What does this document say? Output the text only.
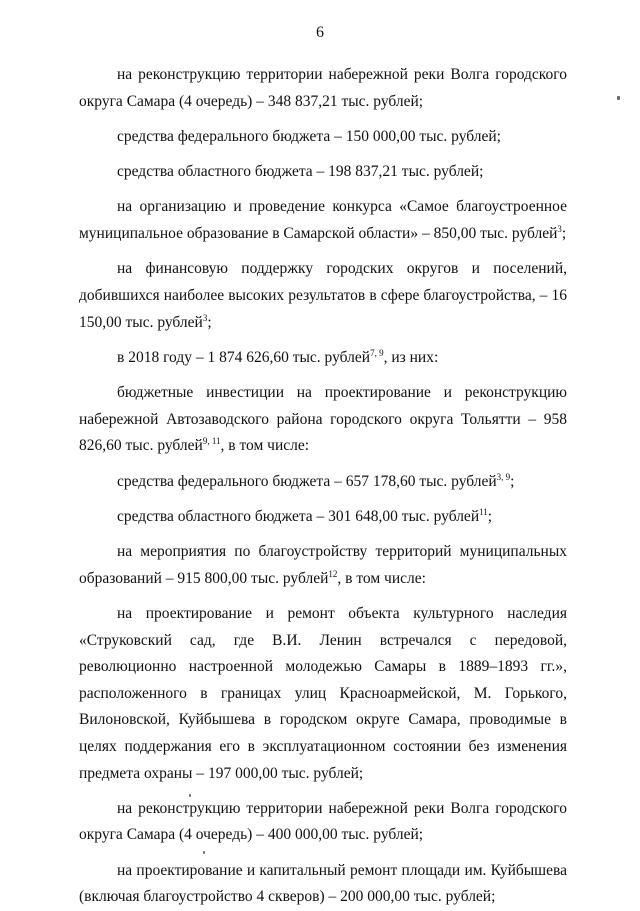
6

на реконструкцию территории набережной реки Волга городского округа Самара (4 очередь) – 348 837,21 тыс. рублей;

средства федерального бюджета – 150 000,00 тыс. рублей;

средства областного бюджета – 198 837,21 тыс. рублей;

на организацию и проведение конкурса «Самое благоустроенное муниципальное образование в Самарской области» – 850,00 тыс. рублей$^3$;

на финансовую поддержку городских округов и поселений, добившихся наиболее высоких результатов в сфере благоустройства, – 16 150,00 тыс. рублей$^3$;

в 2018 году – 1 874 626,60 тыс. рублей$^{7, 9}$, из них:

бюджетные инвестиции на проектирование и реконструкцию набережной Автозаводского района городского округа Тольятти – 958 826,60 тыс. рублей$^{9, 11}$, в том числе:

средства федерального бюджета – 657 178,60 тыс. рублей$^{3, 9}$;

средства областного бюджета – 301 648,00 тыс. рублей$^{11}$;

на мероприятия по благоустройству территорий муниципальных образований – 915 800,00 тыс. рублей$^{12}$, в том числе:

на проектирование и ремонт объекта культурного наследия «Струковский сад, где В.И. Ленин встречался с передовой, революционно настроенной молодежью Самары в 1889–1893 гг.», расположенного в границах улиц Красноармейской, М. Горького, Вилоновской, Куйбышева в городском округе Самара, проводимые в целях поддержания его в эксплуатационном состоянии без изменения предмета охраны – 197 000,00 тыс. рублей;

на реконструкцию территории набережной реки Волга городского округа Самара (4 очередь) – 400 000,00 тыс. рублей;

на проектирование и капитальный ремонт площади им. Куйбышева (включая благоустройство 4 скверов) – 200 000,00 тыс. рублей;
